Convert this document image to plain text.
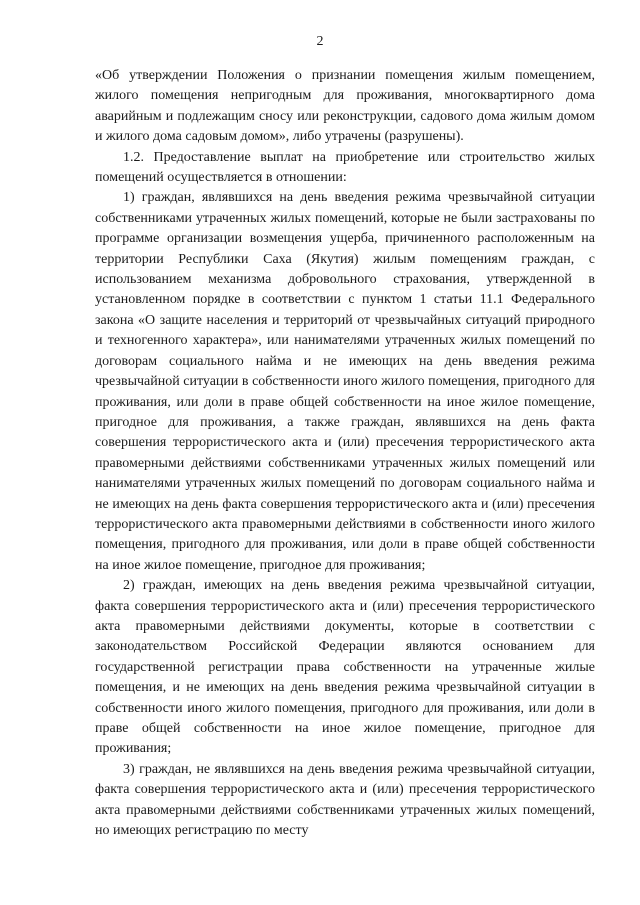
2

«Об утверждении Положения о признании помещения жилым помещением, жилого помещения непригодным для проживания, многоквартирного дома аварийным и подлежащим сносу или реконструкции, садового дома жилым домом и жилого дома садовым домом», либо утрачены (разрушены).

1.2. Предоставление выплат на приобретение или строительство жилых помещений осуществляется в отношении:

1) граждан, являвшихся на день введения режима чрезвычайной ситуации собственниками утраченных жилых помещений, которые не были застрахованы по программе организации возмещения ущерба, причиненного расположенным на территории Республики Саха (Якутия) жилым помещениям граждан, с использованием механизма добровольного страхования, утвержденной в установленном порядке в соответствии с пунктом 1 статьи 11.1 Федерального закона «О защите населения и территорий от чрезвычайных ситуаций природного и техногенного характера», или нанимателями утраченных жилых помещений по договорам социального найма и не имеющих на день введения режима чрезвычайной ситуации в собственности иного жилого помещения, пригодного для проживания, или доли в праве общей собственности на иное жилое помещение, пригодное для проживания, а также граждан, являвшихся на день факта совершения террористического акта и (или) пресечения террористического акта правомерными действиями собственниками утраченных жилых помещений или нанимателями утраченных жилых помещений по договорам социального найма и не имеющих на день факта совершения террористического акта и (или) пресечения террористического акта правомерными действиями в собственности иного жилого помещения, пригодного для проживания, или доли в праве общей собственности на иное жилое помещение, пригодное для проживания;

2) граждан, имеющих на день введения режима чрезвычайной ситуации, факта совершения террористического акта и (или) пресечения террористического акта правомерными действиями документы, которые в соответствии с законодательством Российской Федерации являются основанием для государственной регистрации права собственности на утраченные жилые помещения, и не имеющих на день введения режима чрезвычайной ситуации в собственности иного жилого помещения, пригодного для проживания, или доли в праве общей собственности на иное жилое помещение, пригодное для проживания;

3) граждан, не являвшихся на день введения режима чрезвычайной ситуации, факта совершения террористического акта и (или) пресечения террористического акта правомерными действиями собственниками утраченных жилых помещений, но имеющих регистрацию по месту
